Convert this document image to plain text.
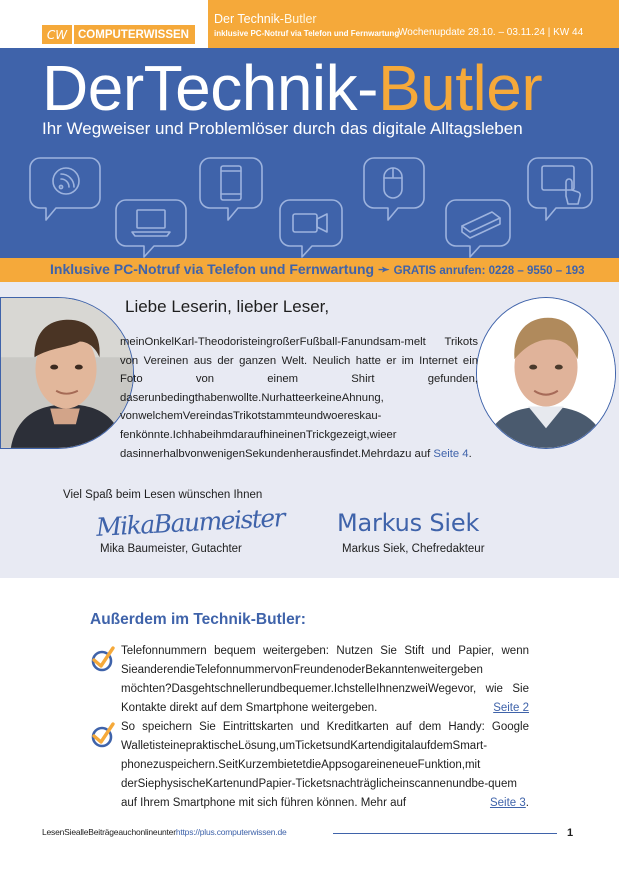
CW COMPUTERWISSEN
Der Technik-Butler
inklusive PC-Notruf via Telefon und Fernwartung
Wochenupdate 28.10. – 03.11.24 | KW 44
DerTechnik-Butler
Ihr Wegweiser und Problemlöser durch das digitale Alltagsleben
Inklusive PC-Notruf via Telefon und Fernwartung ➛ GRATIS anrufen: 0228 – 9550 – 193
Liebe Leserin, lieber Leser,
meinOnkelKarl-TheodoristeingroßerFußball-Fanundsam-melt Trikots von Vereinen aus der ganzen Welt. Neulich hatte er im Internet ein Foto von einem Shirt gefunden, daserunbedingthabenwollte.NurhatteerkeineAhnung, vonwelchemVereindasTrikotstammteundwoereskau-fenkönnte.IchhabeihmdaraufhineinenTrickgezeigt,wieer dasinnerhalbvonwenigenSekundenherausfindet.Mehrdazu auf Seite 4.
Viel Spaß beim Lesen wünschen Ihnen
MikaBaumeister Markus Siek
Mika Baumeister, Gutachter	Markus Siek, Chefredakteur
Außerdem im Technik-Butler:
Telefonnummern bequem weitergeben: Nutzen Sie Stift und Papier, wenn SieanderendieTelefonnummervonFreundenoderBekanntenweitergeben möchten?Dasgehtschnellerundbequemer.IchstelleIhnenzweiWegevor, wie Sie Kontakte direkt auf dem Smartphone weitergeben.	Seite 2
So speichern Sie Eintrittskarten und Kreditkarten auf dem Handy: Google WalletisteinepraktischeLösung,umTicketsundKartendigitalaufdemSmart-phonezuspeichern.SeitKurzembietetdieAppsogareineneueFunktion,mit derSiephysischeKartenundPapier-Ticketsnachträglicheinscannenundbe-quem auf Ihrem Smartphone mit sich führen können. Mehr auf	Seite 3.
LesenSiealleBeiträgeauchonlineunterhttps://plus.computerwissen.de	1
